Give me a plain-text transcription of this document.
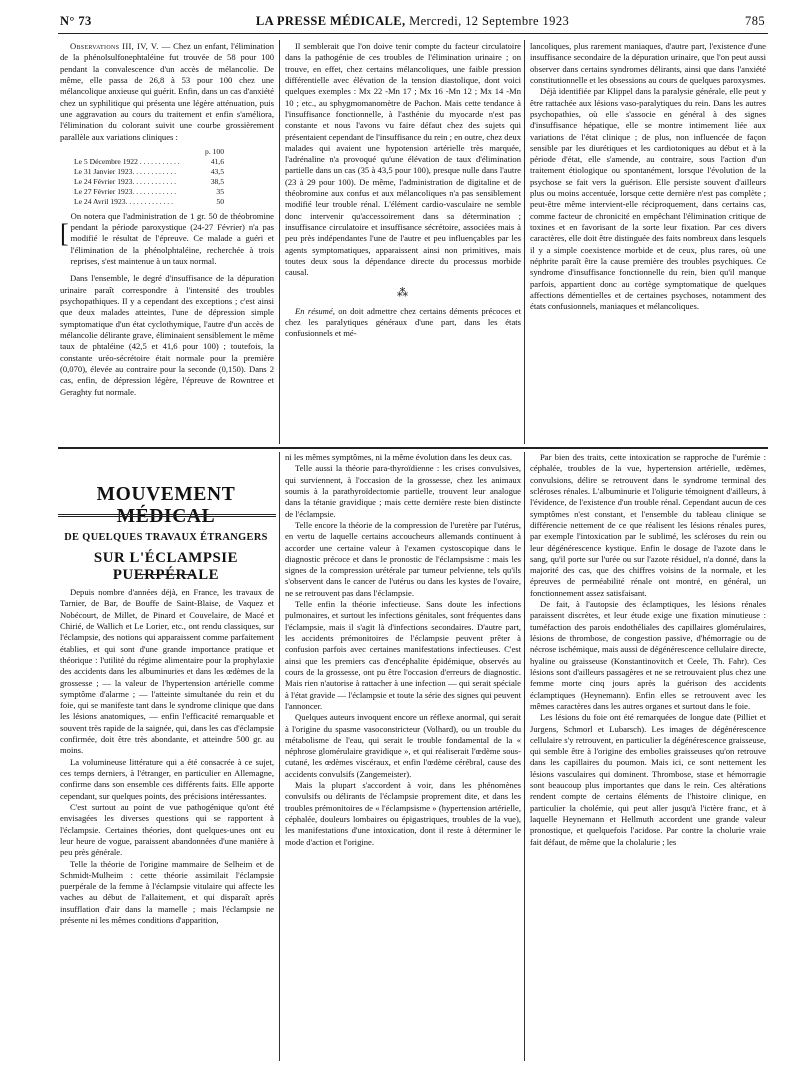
N° 73	LA PRESSE MÉDICALE, Mercredi, 12 Septembre 1923	785

Observations III, IV, V. — Chez un enfant, l'élimination de la phénolsulfonephtaléine fut trouvée de 58 pour 100 pendant la convalescence d'un accès de mélancolie. De même, elle passa de 26,8 à 53 pour 100 chez une mélancolique anxieuse qui guérit. Enfin, dans un cas d'anxiété chez un syphilitique qui présenta une légère atténuation, puis une aggravation au cours du traitement et enfin s'améliora, l'élimination du colorant suivit une courbe grossièrement parallèle aux variations cliniques :

p. 100
Le 5 Décembre 1922 . . . . . . . . . . .	41,6
Le 31 Janvier 1923. . . . . . . . . . . .	43,5
Le 24 Février 1923. . . . . . . . . . . .	38,5
Le 27 Février 1923. . . . . . . . . . . .	35
Le 24 Avril 1923. . . . . . . . . . . . .	50
[
On notera que l'administration de 1 gr. 50 de théobromine pendant la période paroxystique (24-27 Février) n'a pas modifié le résultat de l'épreuve. Ce malade a guéri et l'élimination de la phénolphtaléine, recherchée à trois reprises, s'est maintenue à un taux normal.

Dans l'ensemble, le degré d'insuffisance de la dépuration urinaire paraît correspondre à l'intensité des troubles psychopathiques. Il y a cependant des exceptions ; c'est ainsi que deux malades atteintes, l'une de dépression simple symptomatique d'un état cyclothymique, l'autre d'un accès de mélancolie délirante grave, éliminaient sensiblement le même taux de phtaléine (42,5 et 41,6 pour 100) ; toutefois, la constante uréo-sécrétoire était normale pour la première (0,070), élevée au contraire pour la seconde (0,150). Dans 2 cas, enfin, de dépression légère, l'épreuve de Rowntree et Geraghty fut normale.

Il semblerait que l'on doive tenir compte du facteur circulatoire dans la pathogénie de ces troubles de l'élimination urinaire ; on trouve, en effet, chez certains mélancoliques, une faible pression différentielle avec élévation de la tension diastolique, dont voici quelques exemples : Mx 22 -Mn 17 ; Mx 16 -Mn 12 ; Mx 14 -Mn 10 ; etc., au sphygmomanomètre de Pachon. Mais cette tendance à l'insuffisance fonctionnelle, à l'asthénie du myocarde n'est pas constante et nous l'avons vu faire défaut chez des sujets qui présentaient cependant de l'insuffisance du rein ; en outre, chez deux malades qui avaient une hypotension artérielle très marquée, l'adrénaline n'a provoqué qu'une élévation de taux d'élimination partielle dans un cas (35 à 43,5 pour 100), presque nulle dans l'autre (23 à 29 pour 100). De même, l'administration de digitaline et de théobromine aux confus et aux mélancoliques n'a pas sensiblement modifié leur trouble rénal. L'élément cardio-vasculaire ne semble donc intervenir qu'accessoirement dans sa détermination ; insuffisance circulatoire et insuffisance sécrétoire, associées mais à peu près indépendantes l'une de l'autre et peu influençables par les agents symptomatiques, apparaissent ainsi non primitives, mais toutes deux sous la dépendance directe du processus morbide causal.

⁂

En résumé, on doit admettre chez certains déments précoces et chez les paralytiques généraux d'une part, dans les états confusionnels et mé-

lancoliques, plus rarement maniaques, d'autre part, l'existence d'une insuffisance secondaire de la dépuration urinaire, que l'on peut aussi observer dans certains syndromes délirants, ainsi que dans l'anxiété constitutionnelle et les obsessions au cours de quelques paroxysmes.

Déjà identifiée par Klippel dans la paralysie générale, elle peut y être rattachée aux lésions vaso-paralytiques du rein. Dans les autres psychopathies, où elle s'associe en général à des signes d'insuffisance hépatique, elle se montre intimement liée aux variations de l'état clinique ; de plus, non influencée de façon sensible par les diurétiques et les cardiotoniques au début et à la période d'état, elle s'amende, au contraire, sous l'action d'un traitement étiologique ou spontanément, lorsque l'évolution de la psychose se fait vers la guérison. Elle persiste souvent d'ailleurs plus ou moins accentuée, lorsque cette dernière n'est pas complète ; peut-être même intervient-elle réciproquement, dans certains cas, comme facteur de chronicité en empêchant l'élimination critique de toxines et en favorisant de la sorte leur fixation. Par ces divers caractères, elle doit être distinguée des faits nombreux dans lesquels il y a simple coexistence morbide et de ceux, plus rares, où une néphrite paraît être la cause première des troubles psychiques. Ce syndrome d'insuffisance fonctionnelle du rein, bien qu'il manque parfois, appartient donc au cortège symptomatique de quelques affections démentielles et de certaines psychoses, notamment des états confusionnels, maniaques et mélancoliques.

MOUVEMENT MÉDICAL
DE QUELQUES TRAVAUX ÉTRANGERS
SUR L'ÉCLAMPSIE PUERPÉRALE

Depuis nombre d'années déjà, en France, les travaux de Tarnier, de Bar, de Bouffe de Saint-Blaise, de Vaquez et Nobécourt, de Millet, de Pinard et Couvelaire, de Macé et Chirié, de Wallich et Le Lorier, etc., ont rendu classiques, sur l'éclampsie, des notions qui apparaissent comme parfaitement établies, et qui sont d'une grande importance pratique et théorique : l'utilité du régime alimentaire pour la prophylaxie des accidents dans les albuminuries et dans les œdèmes de la grossesse ; — la valeur de l'hypertension artérielle comme symptôme d'alarme ; — l'atteinte simultanée du rein et du foie, qui se manifeste tant dans le syndrome clinique que dans les lésions anatomiques, — enfin l'efficacité remarquable et souvent très rapide de la saignée, qui, dans les cas d'éclampsie confirmée, doit être très abondante, et atteindre 500 gr. au moins.

La volumineuse littérature qui a été consacrée à ce sujet, ces temps derniers, à l'étranger, en particulier en Allemagne, confirme dans son ensemble ces différents faits. Elle apporte cependant, sur quelques points, des précisions intéressantes.

C'est surtout au point de vue pathogénique qu'ont été envisagées les diverses questions qui se rapportent à l'éclampsie. Certaines théories, dont quelques-unes ont eu leur heure de vogue, paraissent abandonnées d'une manière à peu près générale.

Telle la théorie de l'origine mammaire de Selheim et de Schmidt-Mulheim : cette théorie assimilait l'éclampsie puerpérale de la femme à l'éclampsie vitulaire qui affecte les vaches au début de l'allaitement, et qui disparaît après insufflation d'air dans la mamelle ; mais l'éclampsie ne présente ni les mêmes conditions d'apparition,

ni les mêmes symptômes, ni la même évolution dans les deux cas.

Telle aussi la théorie para-thyroïdienne : les crises convulsives, qui surviennent, à l'occasion de la grossesse, chez les animaux soumis à la parathyroïdectomie partielle, trouvent leur analogue dans la tétanie gravidique ; mais cette dernière reste bien distincte de l'éclampsie.

Telle encore la théorie de la compression de l'uretère par l'utérus, en vertu de laquelle certains accoucheurs allemands continuent à accorder une certaine valeur à l'examen cystoscopique dans le diagnostic précoce et dans le pronostic de l'éclampsisme : mais les signes de la compression urétérale par tumeur pelvienne, tels qu'ils s'observent dans le cancer de l'utérus ou dans les kystes de l'ovaire, ne se retrouvent pas dans l'éclampsie.

Telle enfin la théorie infectieuse. Sans doute les infections pulmonaires, et surtout les infections génitales, sont fréquentes dans l'éclampsie, mais il s'agit là d'infections secondaires. D'autre part, les accidents prémonitoires de l'éclampsie peuvent prêter à confusion parfois avec certaines manifestations infectieuses. C'est ainsi que les premiers cas d'encéphalite épidémique, observés au cours de la grossesse, ont pu être l'occasion d'erreurs de diagnostic. Mais rien n'autorise à rattacher à une infection — qui serait spéciale à l'état gravide — l'éclampsie et toute la série des signes qui peuvent l'annoncer.

Quelques auteurs invoquent encore un réflexe anormal, qui serait à l'origine du spasme vasoconstricteur (Volhard), ou un trouble du métabolisme de l'eau, qui serait le trouble fondamental de la « néphrose glomérulaire gravidique », et qui réaliserait l'œdème sous-cutané, les œdèmes viscéraux, et enfin l'œdème cérébral, cause des accidents convulsifs (Zangemeister).

Mais la plupart s'accordent à voir, dans les phénomènes convulsifs ou délirants de l'éclampsie proprement dite, et dans les troubles prémonitoires de « l'éclampsisme » (hypertension artérielle, céphalée, douleurs lombaires ou épigastriques, troubles de la vue), les manifestations d'une intoxication, dont il reste à déterminer le mode d'action et l'origine.

Par bien des traits, cette intoxication se rapproche de l'urémie : céphalée, troubles de la vue, hypertension artérielle, œdèmes, convulsions, délire se retrouvent dans le syndrome terminal des scléroses rénales. L'albuminurie et l'oligurie témoignent d'ailleurs, à l'évidence, de l'existence d'un trouble rénal. Cependant aucun de ces symptômes n'est constant, et l'ensemble du tableau clinique se différencie nettement de ce que réalisent les lésions rénales pures, par exemple l'intoxication par le sublimé, les scléroses du rein ou leur dégénérescence kystique. Enfin le dosage de l'azote dans le sang, qu'il porte sur l'urée ou sur l'azote résiduel, n'a donné, dans la majorité des cas, que des chiffres voisins de la normale, et les épreuves de perméabilité rénale ont montré, en général, un fonctionnement assez satisfaisant.

De fait, à l'autopsie des éclamptiques, les lésions rénales paraissent discrètes, et leur étude exige une fixation minutieuse : tuméfaction des parois endothéliales des capillaires glomérulaires, lésions de thrombose, de congestion passive, d'hémorragie ou de nécrose ischémique, mais aussi de dégénérescence cellulaire directe, hyaline ou graisseuse (Konstantinovitch et Ceele, Th. Fahr). Ces lésions sont d'ailleurs passagères et ne se retrouvaient plus chez une femme morte cinq jours après la guérison des accidents éclamptiques (Heynemann). Enfin elles se retrouvent avec les mêmes caractères dans les autres organes et surtout dans le foie.

Les lésions du foie ont été remarquées de longue date (Pilliet et Jurgens, Schmorl et Lubarsch). Les images de dégénérescence cellulaire s'y retrouvent, en particulier la dégénérescence graisseuse, qui semble être à l'origine des embolies graisseuses qu'on retrouve dans les capillaires du poumon. Mais ici, ce sont nettement les lésions vasculaires qui dominent. Thrombose, stase et hémorragie sont beaucoup plus importantes que dans le rein. Ces altérations rendent compte de certains éléments de l'histoire clinique, en particulier la cholémie, qui peut aller jusqu'à l'ictère franc, et à laquelle Heynemann et Hellmuth accordent une grande valeur pronostique, et quelquefois l'acidose. Par contre la cholurie vraie fait défaut, de même que la cholalurie ; les
